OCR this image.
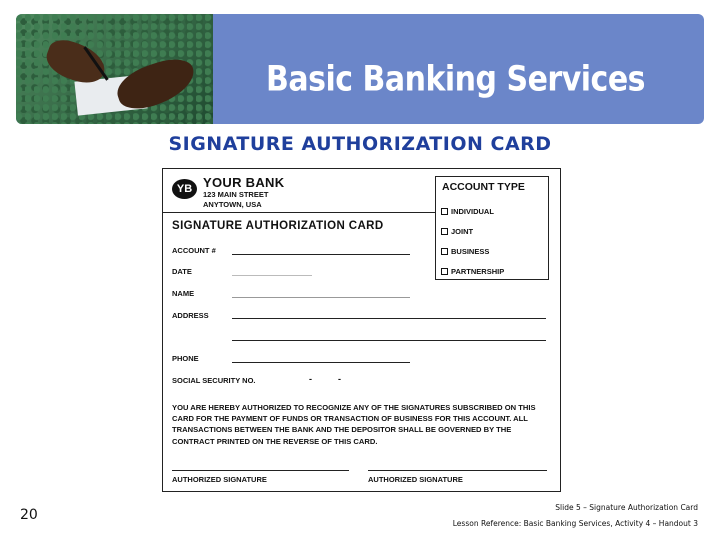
Basic Banking Services
SIGNATURE AUTHORIZATION CARD
YB YOUR BANK
123 MAIN STREET
ANYTOWN, USA
ACCOUNT TYPE
INDIVIDUAL
JOINT
BUSINESS
PARTNERSHIP
SIGNATURE AUTHORIZATION CARD
ACCOUNT #
DATE
NAME
ADDRESS
PHONE
SOCIAL SECURITY NO.	-	-
YOU ARE HEREBY AUTHORIZED TO RECOGNIZE ANY OF THE SIGNATURES SUBSCRIBED ON THIS CARD FOR THE PAYMENT OF FUNDS OR TRANSACTION OF BUSINESS FOR THIS ACCOUNT. ALL TRANSACTIONS BETWEEN THE BANK AND THE DEPOSITOR SHALL BE GOVERNED BY THE CONTRACT PRINTED ON THE REVERSE OF THIS CARD.
AUTHORIZED SIGNATURE	AUTHORIZED SIGNATURE
20	Slide 5 – Signature Authorization Card
Lesson Reference: Basic Banking Services, Activity 4 – Handout 3
